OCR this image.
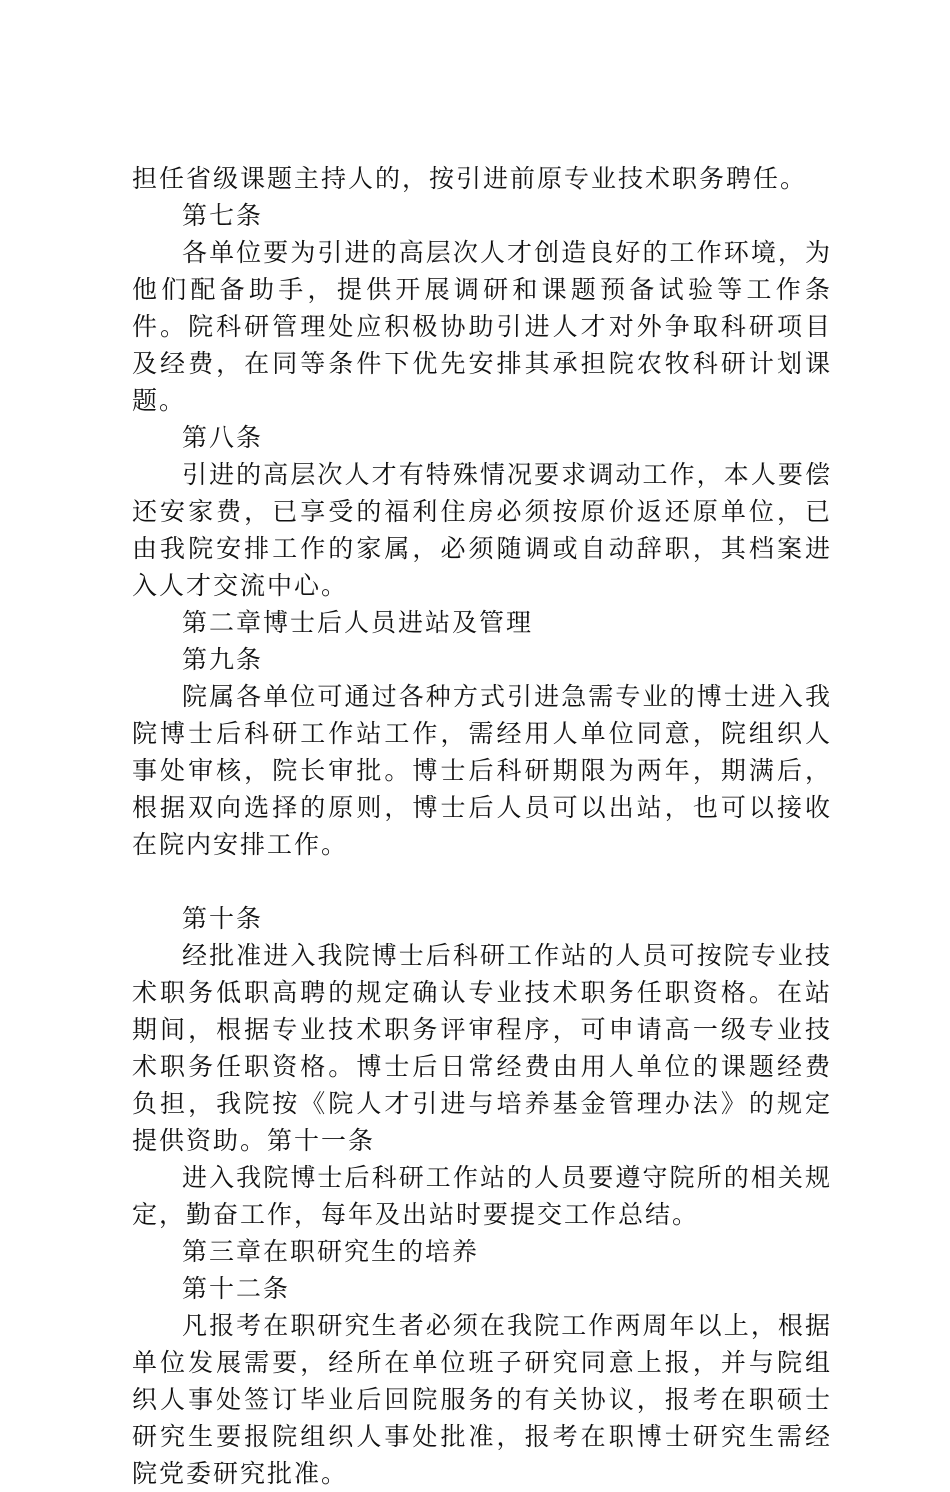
担任省级课题主持人的，按引进前原专业技术职务聘任。

第七条

各单位要为引进的高层次人才创造良好的工作环境，为他们配备助手，提供开展调研和课题预备试验等工作条件。院科研管理处应积极协助引进人才对外争取科研项目及经费，在同等条件下优先安排其承担院农牧科研计划课题。

第八条

引进的高层次人才有特殊情况要求调动工作，本人要偿还安家费，已享受的福利住房必须按原价返还原单位，已由我院安排工作的家属，必须随调或自动辞职，其档案进入人才交流中心。

第二章博士后人员进站及管理

第九条

院属各单位可通过各种方式引进急需专业的博士进入我院博士后科研工作站工作，需经用人单位同意，院组织人事处审核，院长审批。博士后科研期限为两年，期满后，根据双向选择的原则，博士后人员可以出站，也可以接收在院内安排工作。

第十条

经批准进入我院博士后科研工作站的人员可按院专业技术职务低职高聘的规定确认专业技术职务任职资格。在站期间，根据专业技术职务评审程序，可申请高一级专业技术职务任职资格。博士后日常经费由用人单位的课题经费负担，我院按《院人才引进与培养基金管理办法》的规定提供资助。第十一条

进入我院博士后科研工作站的人员要遵守院所的相关规定，勤奋工作，每年及出站时要提交工作总结。

第三章在职研究生的培养

第十二条

凡报考在职研究生者必须在我院工作两周年以上，根据单位发展需要，经所在单位班子研究同意上报，并与院组织人事处签订毕业后回院服务的有关协议，报考在职硕士研究生要报院组织人事处批准，报考在职博士研究生需经院党委研究批准。
